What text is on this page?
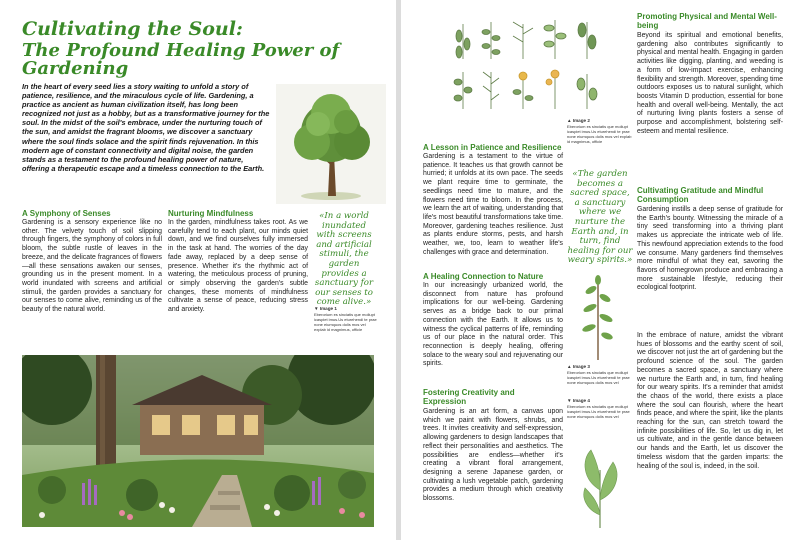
Cultivating the Soul:
The Profound Healing Power of Gardening
In the heart of every seed lies a story waiting to unfold a story of patience, resilience, and the miraculous cycle of life. Gardening, a practice as ancient as human civilization itself, has long been recognized not just as a hobby, but as a transformative journey for the soul. In the midst of the soil's embrace, under the nurturing touch of the sun, and amidst the fragrant blooms, we discover a sanctuary where the soul finds solace and the spirit finds rejuvenation. In this modern age of constant connectivity and digital noise, the garden stands as a testament to the profound healing power of nature, offering a therapeutic escape and a timeless connection to the Earth.
A Symphony of Senses
Gardening is a sensory experience like no other. The velvety touch of soil slipping through fingers, the symphony of colors in full bloom, the subtle rustle of leaves in the breeze, and the delicate fragrances of flowers—all these sensations awaken our senses, grounding us in the present moment. In a world inundated with screens and artificial stimuli, the garden provides a sanctuary for our senses to come alive, reminding us of the beauty of the natural world.
Nurturing Mindfulness
In the garden, mindfulness takes root. As we carefully tend to each plant, our minds quiet down, and we find ourselves fully immersed in the task at hand. The worries of the day fade away, replaced by a deep sense of presence. Whether it's the rhythmic act of watering, the meticulous process of pruning, or simply observing the garden's subtle changes, these moments of mindfulness cultivate a sense of peace, reducing stress and anxiety.
«In a world inundated with screens and artificial stimuli, the garden provides a sanctuary for our senses to come alive.»
▼ Image 1
Eberorium es sinciatis que mollupt icaspiet imus.Us eturehendi te prae none eiumquos dolis mos vel explab id magnimus, officie
▲ Image 2
Eberorium es sinciatis que mollupt icaspiet imus.Us eturehendi te prae none eiumquos dolis mos vel explab id magnimus, officie
A Lesson in Patience and Resilience
Gardening is a testament to the virtue of patience. It teaches us that growth cannot be hurried; it unfolds at its own pace. The seeds we plant require time to germinate, the seedlings need time to mature, and the flowers need time to bloom. In the process, we learn the art of waiting, understanding that life's most beautiful transformations take time. Moreover, gardening teaches resilience. Just as plants endure storms, pests, and harsh weather, we, too, learn to weather life's challenges with grace and determination.
«The garden becomes a sacred space, a sanctuary where we nurture the Earth and, in turn, find healing for our weary spirits.»
A Healing Connection to Nature
In our increasingly urbanized world, the disconnect from nature has profound implications for our well-being. Gardening serves as a bridge back to our primal connection with the Earth. It allows us to witness the cyclical patterns of life, reminding us of our place in the natural order. This reconnection is deeply healing, offering solace to the weary soul and rejuvenating our spirits.	▲ Image 3
Eberorium es sinciatis que mollupt icaspiet imus.Us eturehendi te prae none eiumquos dolis mos vel
Fostering Creativity and Expression
Gardening is an art form, a canvas upon which we paint with flowers, shrubs, and trees. It invites creativity and self-expression, allowing gardeners to design landscapes that reflect their personalities and aesthetics. The possibilities are endless—whether it's creating a vibrant floral arrangement, designing a serene Japanese garden, or cultivating a lush vegetable patch, gardening provides a medium through which creativity blossoms.
▼ Image 4
Eberorium es sinciatis que mollupt icaspiet imus.Us eturehendi te prae none eiumquos dolis mos vel
Promoting Physical and Mental Well-being
Beyond its spiritual and emotional benefits, gardening also contributes significantly to physical and mental health. Engaging in garden activities like digging, planting, and weeding is a form of low-impact exercise, enhancing flexibility and strength. Moreover, spending time outdoors exposes us to natural sunlight, which boosts Vitamin D production, essential for bone health and overall well-being. Mentally, the act of nurturing living plants fosters a sense of purpose and accomplishment, bolstering self-esteem and mental resilience.
Cultivating Gratitude and Mindful Consumption
Gardening instills a deep sense of gratitude for the Earth's bounty. Witnessing the miracle of a tiny seed transforming into a thriving plant makes us appreciate the intricate web of life. This newfound appreciation extends to the food we consume. Many gardeners find themselves more mindful of what they eat, savoring the flavors of homegrown produce and embracing a more sustainable lifestyle, reducing their ecological footprint.
In the embrace of nature, amidst the vibrant hues of blossoms and the earthy scent of soil, we discover not just the art of gardening but the profound science of the soul. The garden becomes a sacred space, a sanctuary where we nurture the Earth and, in turn, find healing for our weary spirits. It's a reminder that amidst the chaos of the world, there exists a place where the soul can flourish, where the heart finds peace, and where the spirit, like the plants reaching for the sun, can stretch toward the infinite possibilities of life. So, let us dig in, let us cultivate, and in the gentle dance between our hands and the Earth, let us discover the timeless wisdom that the garden imparts: the healing of the soul is, indeed, in the soil.
